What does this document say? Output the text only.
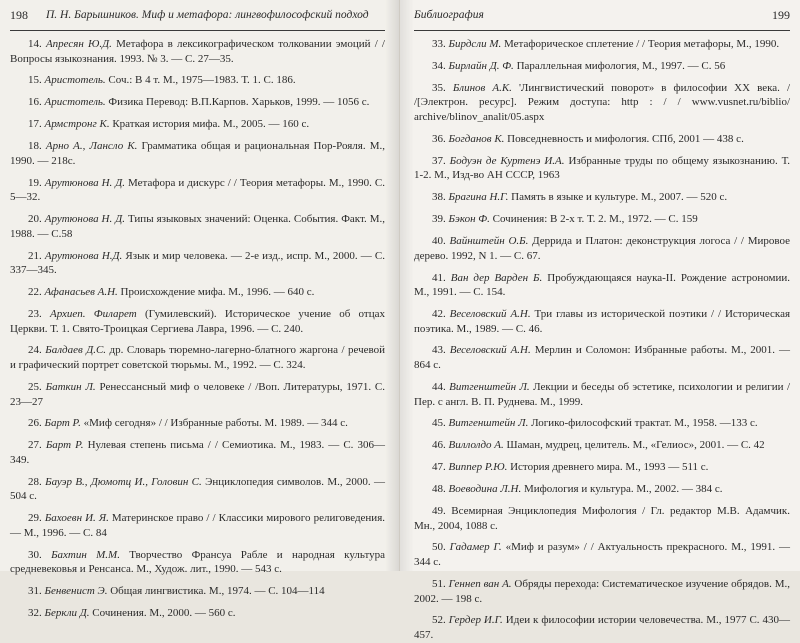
198 П. Н. Барышников. Миф и метафора: лингвофилософский подход

14. Апресян Ю.Д. Метафора в лексикографическом толковании эмоций / / Вопросы языкознания. 1993. № 3. — С. 27—35.

15. Аристотель. Соч.: В 4 т. М., 1975—1983. Т. 1. С. 186.

16. Аристотель. Физика Перевод: В.П.Карпов. Харьков, 1999. — 1056 с.

17. Армстронг К. Краткая история мифа. М., 2005. — 160 с.

18. Арно А., Лансло К. Грамматика общая и рациональная Пор-Рояля. М., 1990. — 218с.

19. Арутюнова Н. Д. Метафора и дискурс / / Теория метафоры. М., 1990. С. 5—32.

20. Арутюнова Н. Д. Типы языковых значений: Оценка. События. Факт. М., 1988. — С.58

21. Арутюнова Н.Д. Язык и мир человека. — 2-е изд., испр. М., 2000. — С. 337—345.

22. Афанасьев А.Н. Происхождение мифа. М., 1996. — 640 с.

23. Архиеп. Филарет (Гумилевский). Историческое учение об отцах Церкви. Т. 1. Свято-Троицкая Сергиева Лавра, 1996. — С. 240.

24. Балдаев Д.С. др. Словарь тюремно-лагерно-блатного жаргона / речевой и графический портрет советской тюрьмы. М., 1992. — С. 324.

25. Баткин Л. Ренессансный миф о человеке / /Воп. Литературы, 1971. С. 23—27

26. Барт Р. «Миф сегодня» / / Избранные работы. М. 1989. — 344 с.

27. Барт Р. Нулевая степень письма / / Семиотика. М., 1983. — С. 306—349.

28. Бауэр В., Дюмотц И., Головин С. Энциклопедия символов. М., 2000. — 504 с.

29. Бахоевн И. Я. Материнское право / / Классики мирового религоведения. — М., 1996. — С. 84

30. Бахтин М.М. Творчество Франсуа Рабле и народная культура средневековья и Ренсанса. М., Худож. лит., 1990. — 543 с.

31. Бенвенист Э. Общая лингвистика. М., 1974. — С. 104—114

32. Беркли Д. Сочинения. М., 2000. — 560 с.

Библиография	199

33. Бирдсли М. Метафорическое сплетение / / Теория метафоры, М., 1990.

34. Бирлайн Д. Ф. Параллельная мифология, М., 1997. — С. 56

35. Блинов А.К. 'Лингвистический поворот» в философии XX века. / /[Электрон. ресурс]. Режим доступа: http : / / www.vusnet.ru/biblio/ archive/blinov_analit/05.aspx

36. Богданов К. Повседневность и мифология. СПб, 2001 — 438 с.

37. Бодуэн де Куртенэ И.А. Избранные труды по общему языкознанию. Т. 1-2. М., Изд-во АН СССР, 1963

38. Брагина Н.Г. Память в языке и культуре. М., 2007. — 520 с.

39. Бэкон Ф. Сочинения: В 2-х т. Т. 2. М., 1972. — С. 159

40. Вайнштейн О.Б. Деррида и Платон: деконструкция логоса / / Мировое дерево. 1992, N 1. — С. 67.

41. Ван дер Варден Б. Пробуждающаяся наука-II. Рождение астрономии. М., 1991. — С. 154.

42. Веселовский А.Н. Три главы из исторической поэтики / / Историческая поэтика. М., 1989. — С. 46.

43. Веселовский А.Н. Мерлин и Соломон: Избранные работы. М., 2001. — 864 с.

44. Витгенштейн Л. Лекции и беседы об эстетике, психологии и религии / Пер. с англ. В. П. Руднева. М., 1999.

45. Витгенштейн Л. Логико-философский трактат. М., 1958. —133 с.

46. Виллолдо А. Шаман, мудрец, целитель. М., «Гелиос», 2001. — С. 42

47. Виппер Р.Ю. История древнего мира. М., 1993 — 511 с.

48. Воеводина Л.Н. Мифология и культура. М., 2002. — 384 с.

49. Всемирная Энциклопедия Мифология / Гл. редактор М.В. Адамчик. Мн., 2004, 1088 с.

50. Гадамер Г. «Миф и разум» / / Актуальность прекрасного. М., 1991. — 344 с.

51. Геннеп ван А. Обряды перехода: Систематическое изучение обрядов. М., 2002. — 198 с.

52. Гердер И.Г. Идеи к философии истории человечества. М., 1977 С. 430—457.
